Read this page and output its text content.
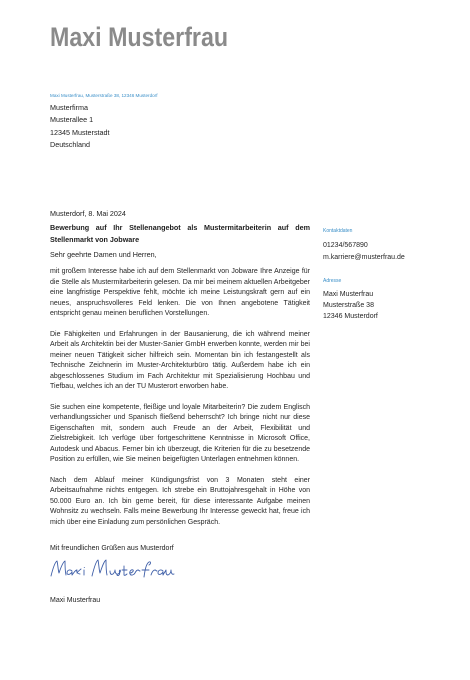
Maxi Musterfrau
Maxi Musterfrau, Musterstraße 38, 12346 Musterdorf
Musterfirma
Musterallee 1
12345 Musterstadt
Deutschland
Musterdorf, 8. Mai 2024

Bewerbung auf Ihr Stellenangebot als Mustermitarbeiterin auf dem Stellenmarkt von Jobware

Sehr geehrte Damen und Herren,

mit großem Interesse habe ich auf dem Stellenmarkt von Jobware Ihre Anzeige für die Stelle als Mustermitarbeiterin gelesen. Da mir bei meinem aktuellen Arbeitgeber eine langfristige Perspektive fehlt, möchte ich meine Leistungskraft gern auf ein neues, anspruchsvolleres Feld lenken. Die von Ihnen angebotene Tätigkeit entspricht genau meinen beruflichen Vorstellungen.

Die Fähigkeiten und Erfahrungen in der Bausanierung, die ich während meiner Arbeit als Architektin bei der Muster-Sanier GmbH erwerben konnte, werden mir bei meiner neuen Tätigkeit sicher hilfreich sein. Momentan bin ich festangestellt als Technische Zeichnerin im Muster-Architekturbüro tätig. Außerdem habe ich ein abgeschlossenes Studium im Fach Architektur mit Spezialisierung Hochbau und Tiefbau, welches ich an der TU Musterort erworben habe.

Sie suchen eine kompetente, fleißige und loyale Mitarbeiterin? Die zudem Englisch verhandlungssicher und Spanisch fließend beherrscht? Ich bringe nicht nur diese Eigenschaften mit, sondern auch Freude an der Arbeit, Flexibilität und Zielstrebigkeit. Ich verfüge über fortgeschrittene Kenntnisse in Microsoft Office, Autodesk und Abacus. Ferner bin ich überzeugt, die Kriterien für die zu besetzende Position zu erfüllen, wie Sie meinen beigefügten Unterlagen entnehmen können.

Nach dem Ablauf meiner Kündigungsfrist von 3 Monaten steht einer Arbeitsaufnahme nichts entgegen. Ich strebe ein Bruttojahresgehalt in Höhe von 50.000 Euro an. Ich bin gerne bereit, für diese interessante Aufgabe meinen Wohnsitz zu wechseln. Falls meine Bewerbung Ihr Interesse geweckt hat, freue ich mich über eine Einladung zum persönlichen Gespräch.

Mit freundlichen Grüßen aus Musterdorf
Maxi Musterfrau
Kontaktdaten
01234/567890
m.karriere@musterfrau.de
Adresse
Maxi Musterfrau
Musterstraße 38
12346 Musterdorf
